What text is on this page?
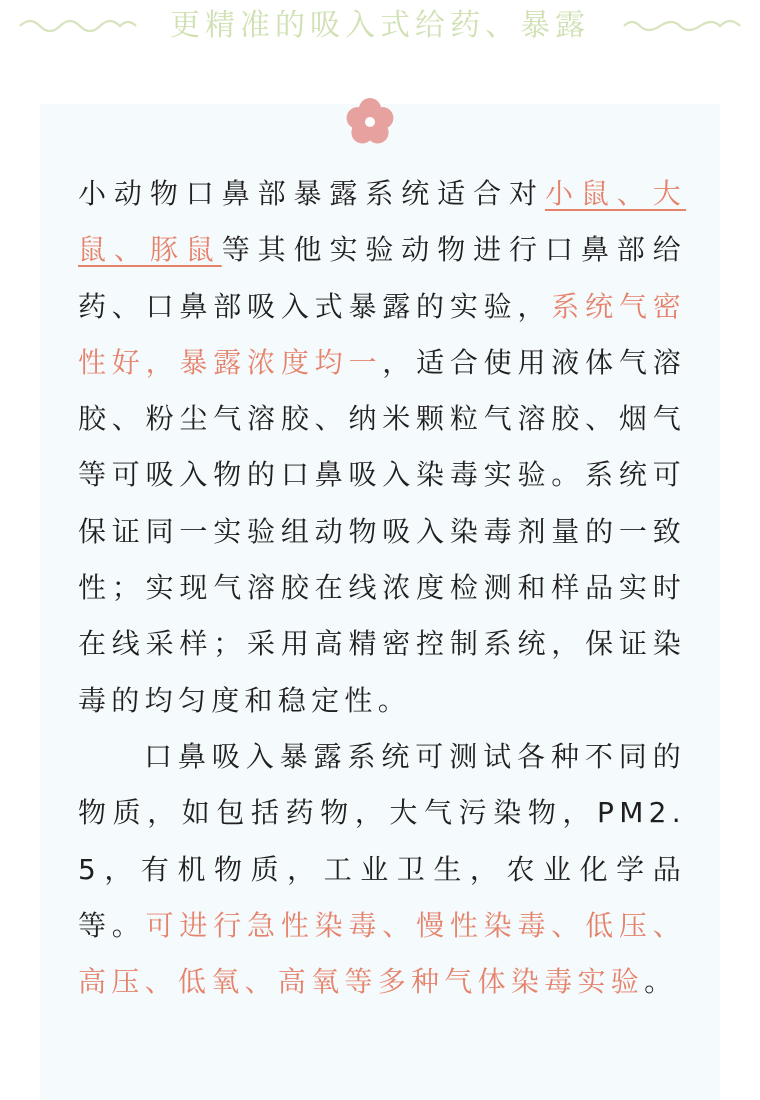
更精准的吸入式给药、暴露

小动物口鼻部暴露系统适合对小鼠、大鼠、豚鼠等其他实验动物进行口鼻部给药、口鼻部吸入式暴露的实验，系统气密性好，暴露浓度均一，适合使用液体气溶胶、粉尘气溶胶、纳米颗粒气溶胶、烟气等可吸入物的口鼻吸入染毒实验。系统可保证同一实验组动物吸入染毒剂量的一致性；实现气溶胶在线浓度检测和样品实时在线采样；采用高精密控制系统，保证染毒的均匀度和稳定性。

口鼻吸入暴露系统可测试各种不同的物质，如包括药物，大气污染物，PM2.5，有机物质，工业卫生，农业化学品等。可进行急性染毒、慢性染毒、低压、高压、低氧、高氧等多种气体染毒实验。
